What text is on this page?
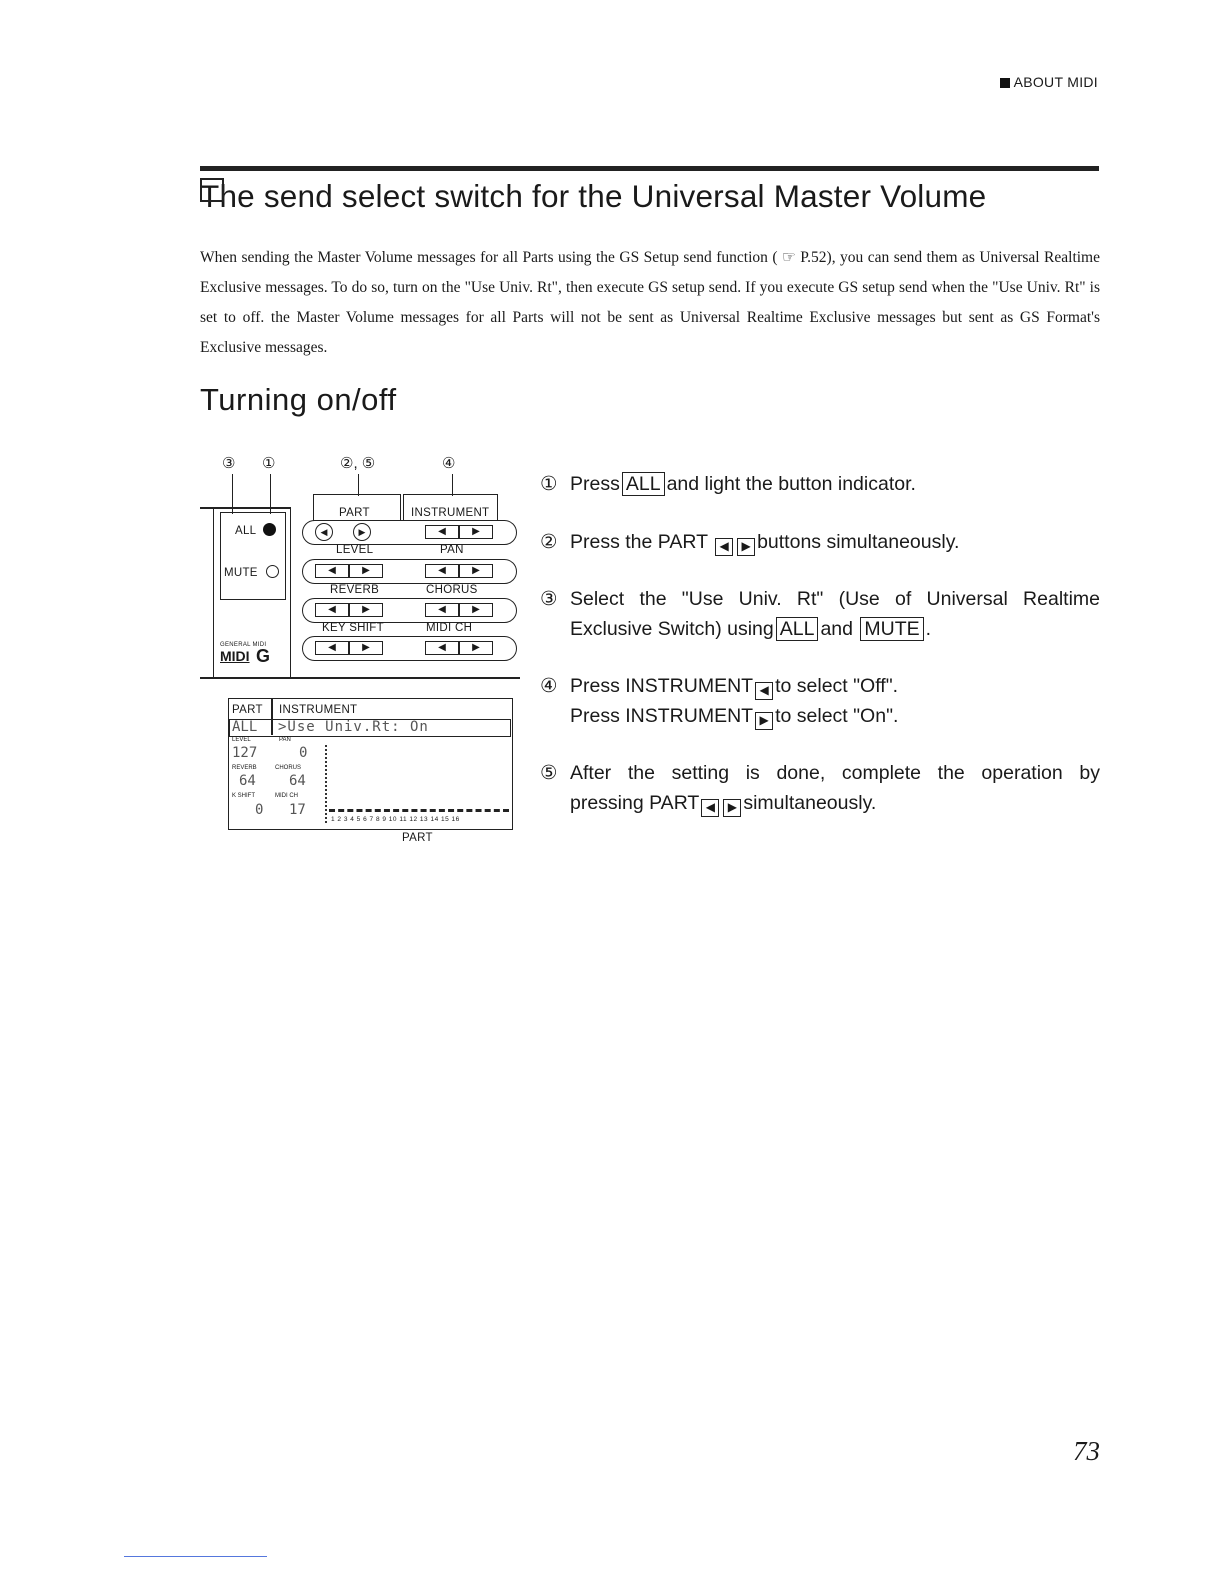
ABOUT MIDI
The send select switch for the Universal Master Volume

When sending the Master Volume messages for all Parts using the GS Setup send function ( ☞ P.52), you can send them as Universal Realtime Exclusive messages. To do so, turn on the "Use Univ. Rt", then execute GS setup send. If you execute GS setup send when the "Use Univ. Rt" is set to off. the Master Volume messages for all Parts will not be sent as Universal Realtime Exclusive messages but sent as GS Format's Exclusive messages.

Turning on/off
③ ①	②, ⑤	④
ALL
MUTE
GENERAL MIDI
MIDI G
PART	INSTRUMENT
◀	▶	◀	▶
LEVEL	PAN
◀	▶	◀	▶
REVERB	CHORUS
◀	▶	◀	▶
KEY SHIFT	MIDI CH
◀	▶	◀	▶
PART INSTRUMENT
ALL >Use Univ.Rt: On
LEVEL	PAN
127	0
REVERB	CHORUS
64 64
K SHIFT	MIDI CH
0 17
1 2 3 4 5 6 7 8 9 10 11 12 13 14 15 16
PART
① Press ALL and light the button indicator.
② Press the PART ◀ ▶ buttons simultaneously.
③ Select the "Use Univ. Rt" (Use of Universal Realtime
Exclusive Switch) using ALL and MUTE .
④ Press INSTRUMENT ◀ to select "Off".
Press INSTRUMENT ▶ to select "On".
⑤ After the setting is done, complete the operation by
pressing PART ◀ ▶ simultaneously.
73
